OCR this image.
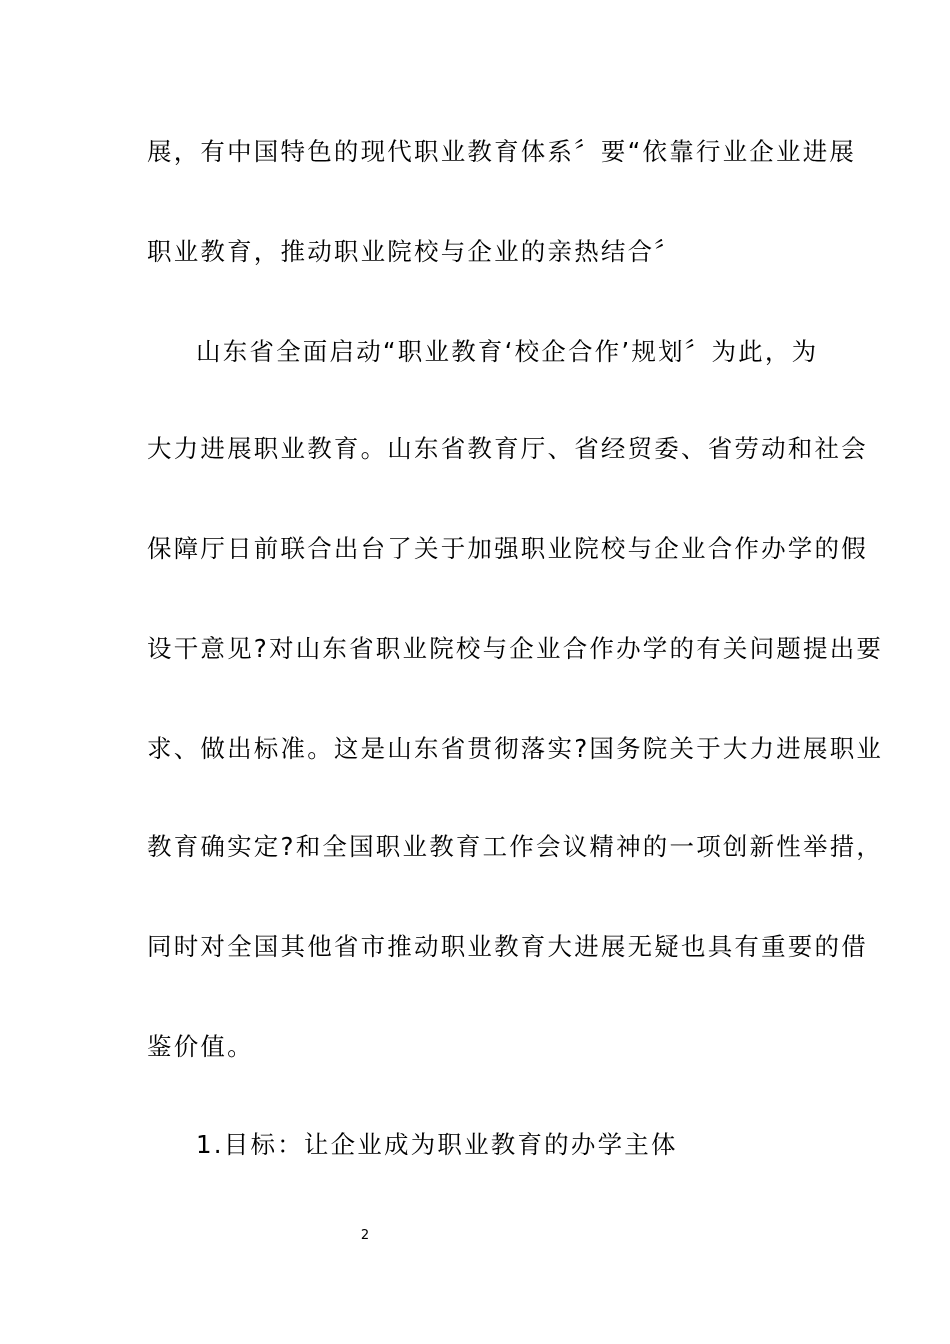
展，有中国特色的现代职业教育体系〞要“依靠行业企业进展
职业教育，推动职业院校与企业的亲热结合〞
山东省全面启动“职业教育‘校企合作’规划〞为此，为
大力进展职业教育。山东省教育厅、省经贸委、省劳动和社会
保障厅日前联合出台了关于加强职业院校与企业合作办学的假
设干意见?对山东省职业院校与企业合作办学的有关问题提出要
求、做出标准。这是山东省贯彻落实?国务院关于大力进展职业
教育确实定?和全国职业教育工作会议精神的一项创新性举措，
同时对全国其他省市推动职业教育大进展无疑也具有重要的借
鉴价值。
1.目标：让企业成为职业教育的办学主体
2
